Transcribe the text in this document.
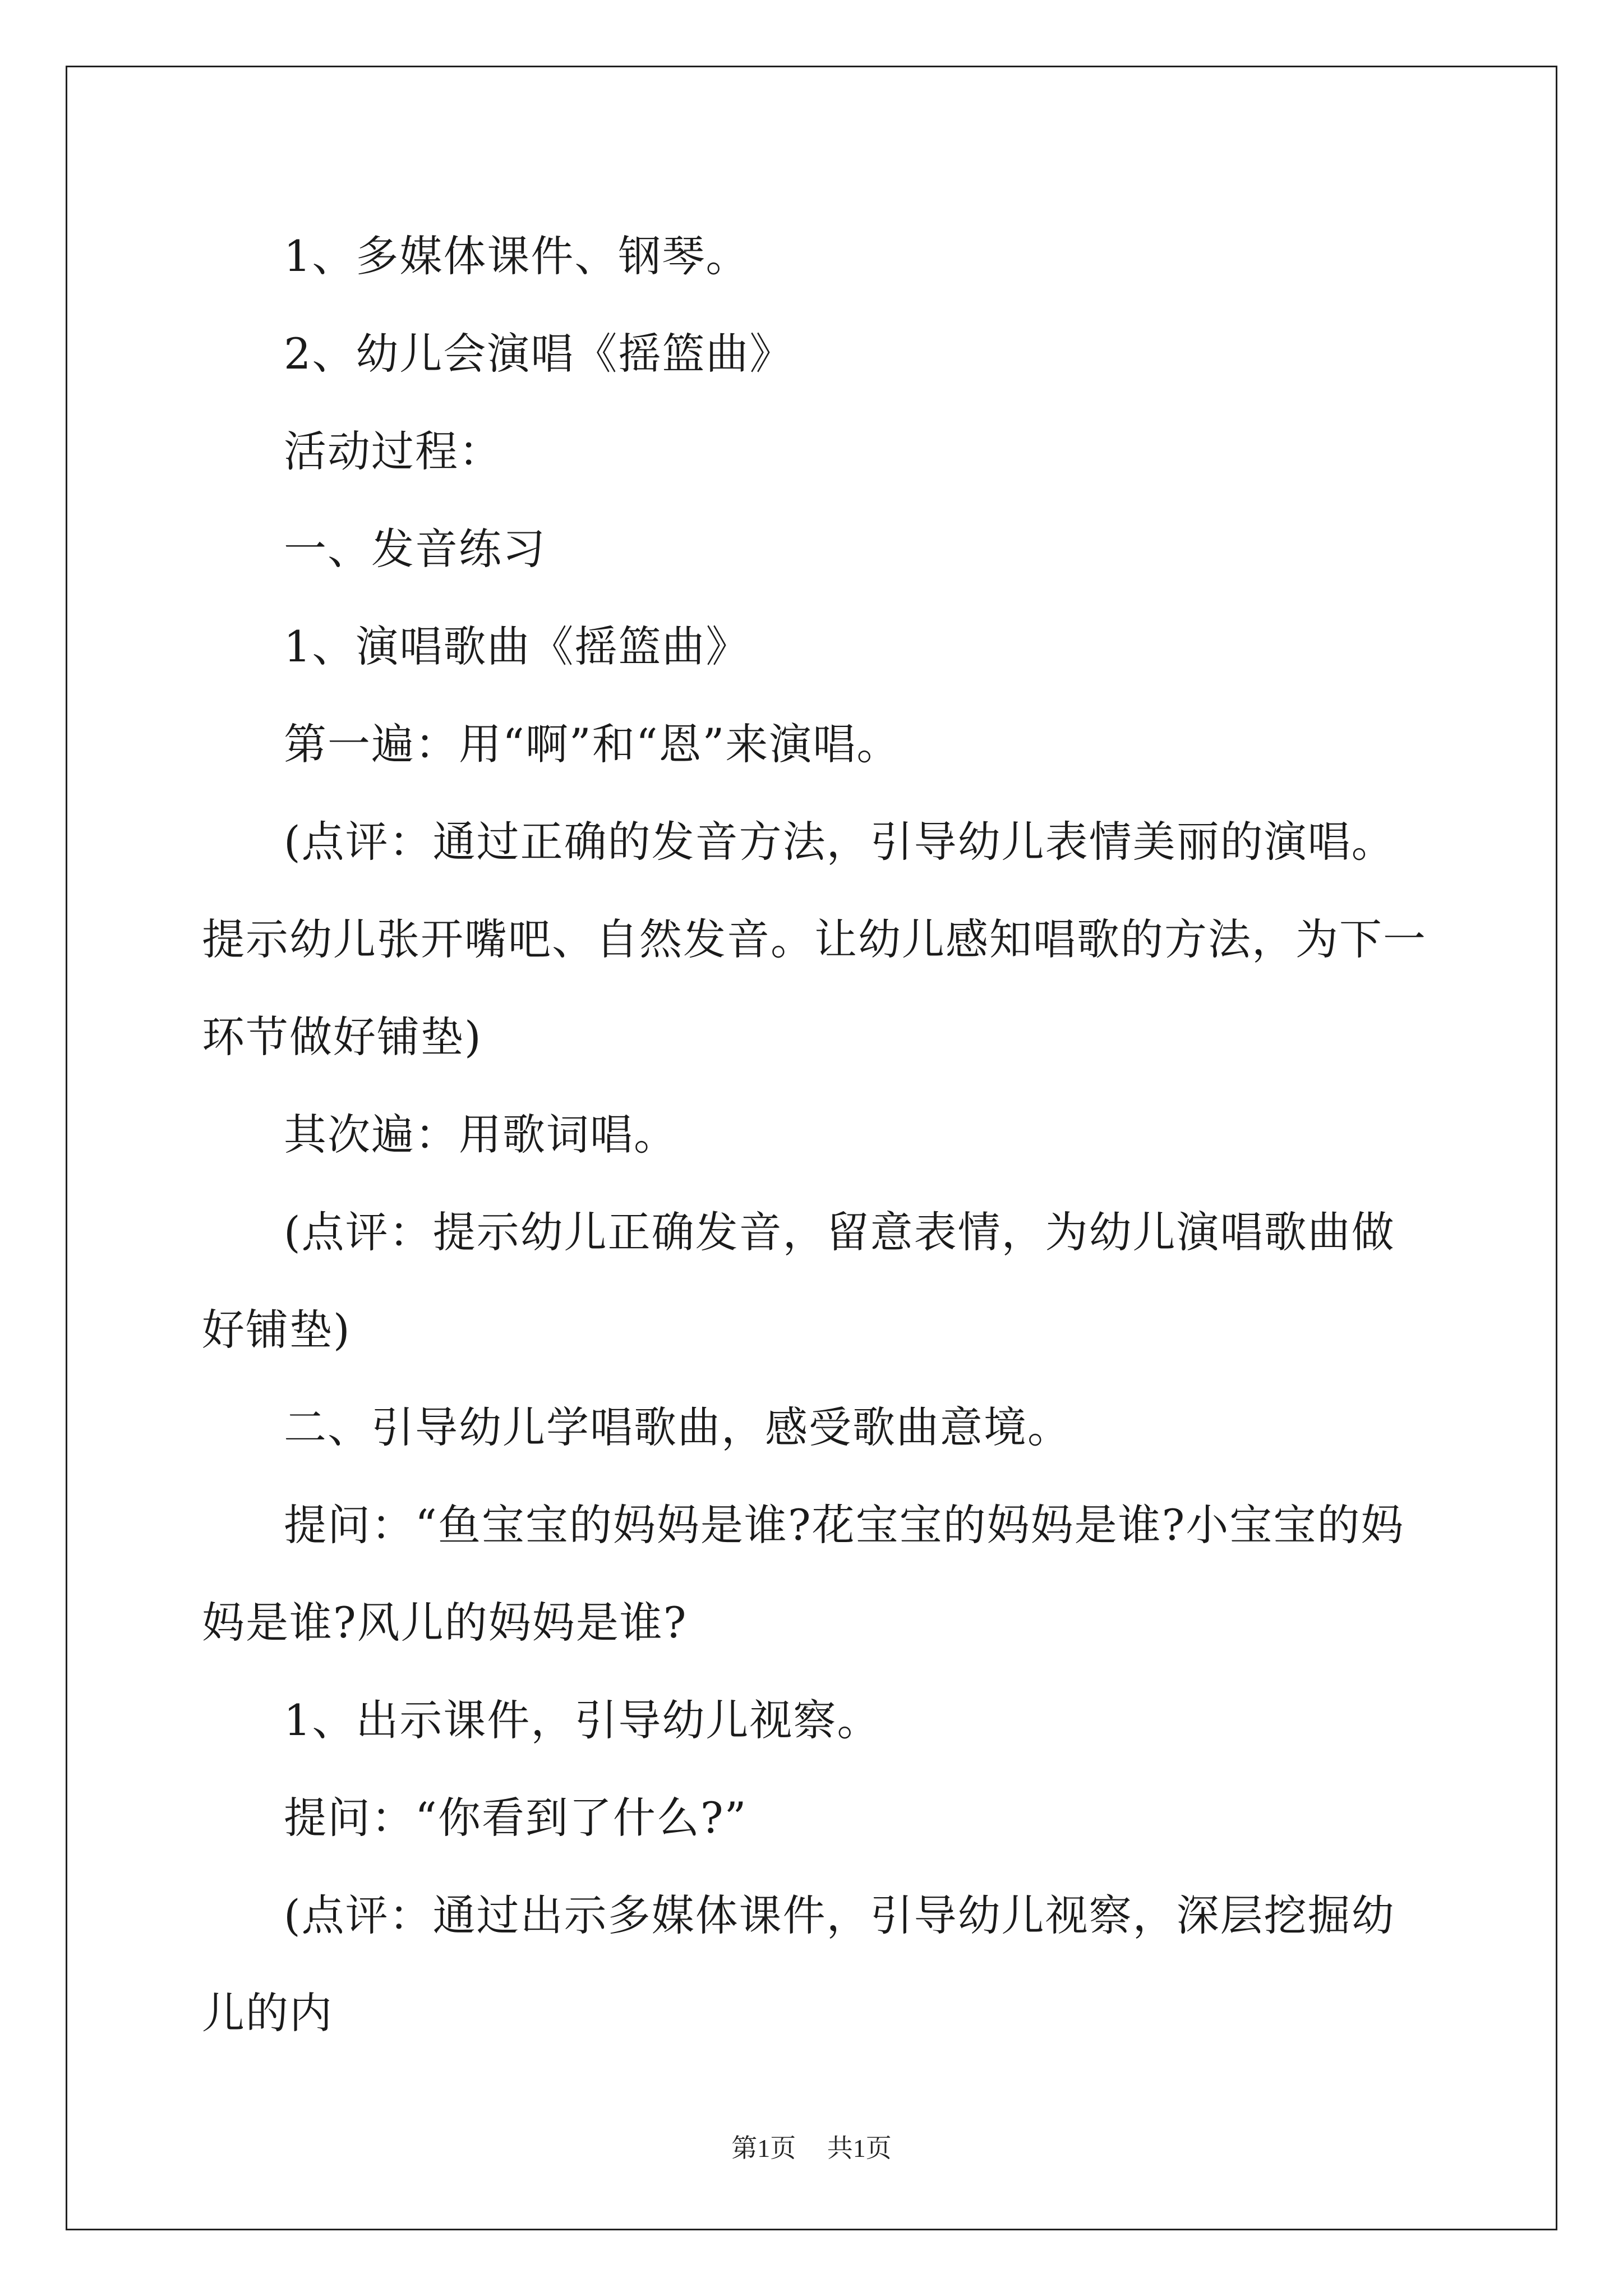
1、多媒体课件、钢琴。

2、幼儿会演唱《摇篮曲》

活动过程：

一、发音练习

1、演唱歌曲《摇篮曲》

第一遍：用“啊”和“恩”来演唱。

(点评：通过正确的发音方法，引导幼儿表情美丽的演唱。提示幼儿张开嘴吧、自然发音。让幼儿感知唱歌的方法，为下一环节做好铺垫)

其次遍：用歌词唱。

(点评：提示幼儿正确发音，留意表情，为幼儿演唱歌曲做好铺垫)

二、引导幼儿学唱歌曲，感受歌曲意境。

提问：“鱼宝宝的妈妈是谁?花宝宝的妈妈是谁?小宝宝的妈妈是谁?风儿的妈妈是谁?

1、出示课件，引导幼儿视察。

提问：“你看到了什么?”

(点评：通过出示多媒体课件，引导幼儿视察，深层挖掘幼儿的内

第1页 共1页
